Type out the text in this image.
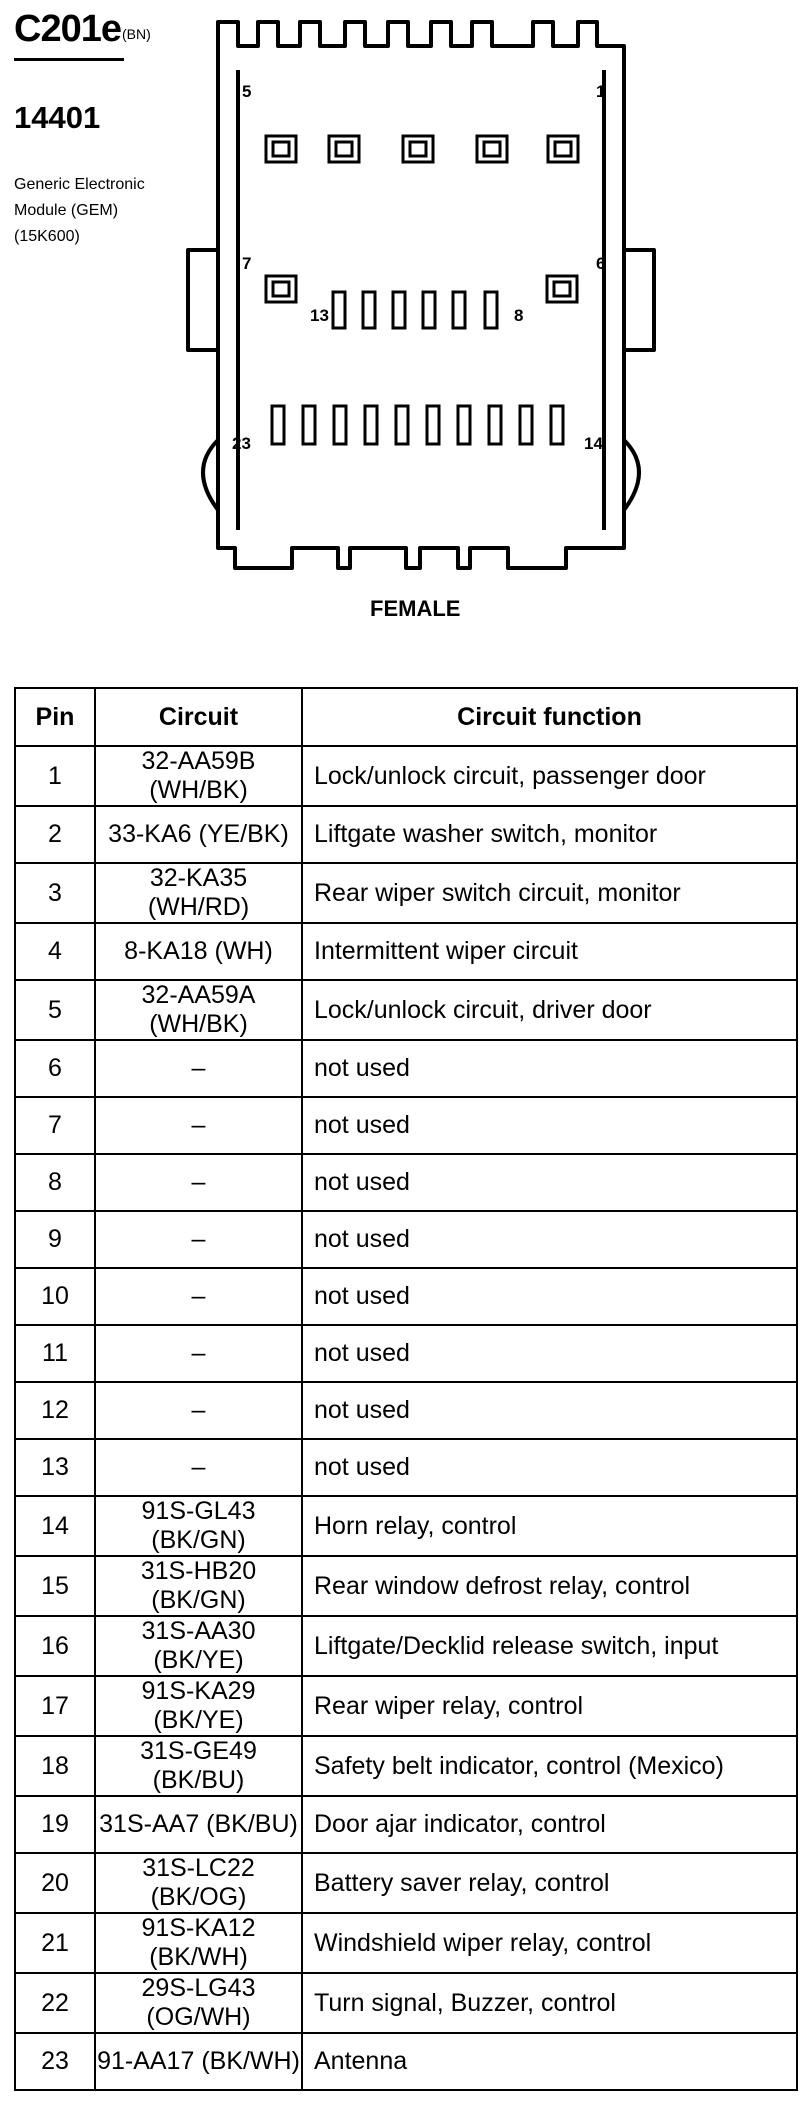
C201e (BN)
14401
Generic Electronic
Module (GEM)
(15K600)
5	1
7	6
13	8
23	14
FEMALE
Pin	Circuit	Circuit function
1	32-AA59B (WH/BK)	Lock/unlock circuit, passenger door
2	33-KA6 (YE/BK)	Liftgate washer switch, monitor
3	32-KA35 (WH/RD)	Rear wiper switch circuit, monitor
4	8-KA18 (WH)	Intermittent wiper circuit
5	32-AA59A (WH/BK)	Lock/unlock circuit, driver door
6	–	not used
7	–	not used
8	–	not used
9	–	not used
10	–	not used
11	–	not used
12	–	not used
13	–	not used
14	91S-GL43 (BK/GN)	Horn relay, control
15	31S-HB20 (BK/GN)	Rear window defrost relay, control
16	31S-AA30 (BK/YE)	Liftgate/Decklid release switch, input
17	91S-KA29 (BK/YE)	Rear wiper relay, control
18	31S-GE49 (BK/BU)	Safety belt indicator, control (Mexico)
19	31S-AA7 (BK/BU)	Door ajar indicator, control
20	31S-LC22 (BK/OG)	Battery saver relay, control
21	91S-KA12 (BK/WH)	Windshield wiper relay, control
22	29S-LG43 (OG/WH)	Turn signal, Buzzer, control
23	91-AA17 (BK/WH)	Antenna
